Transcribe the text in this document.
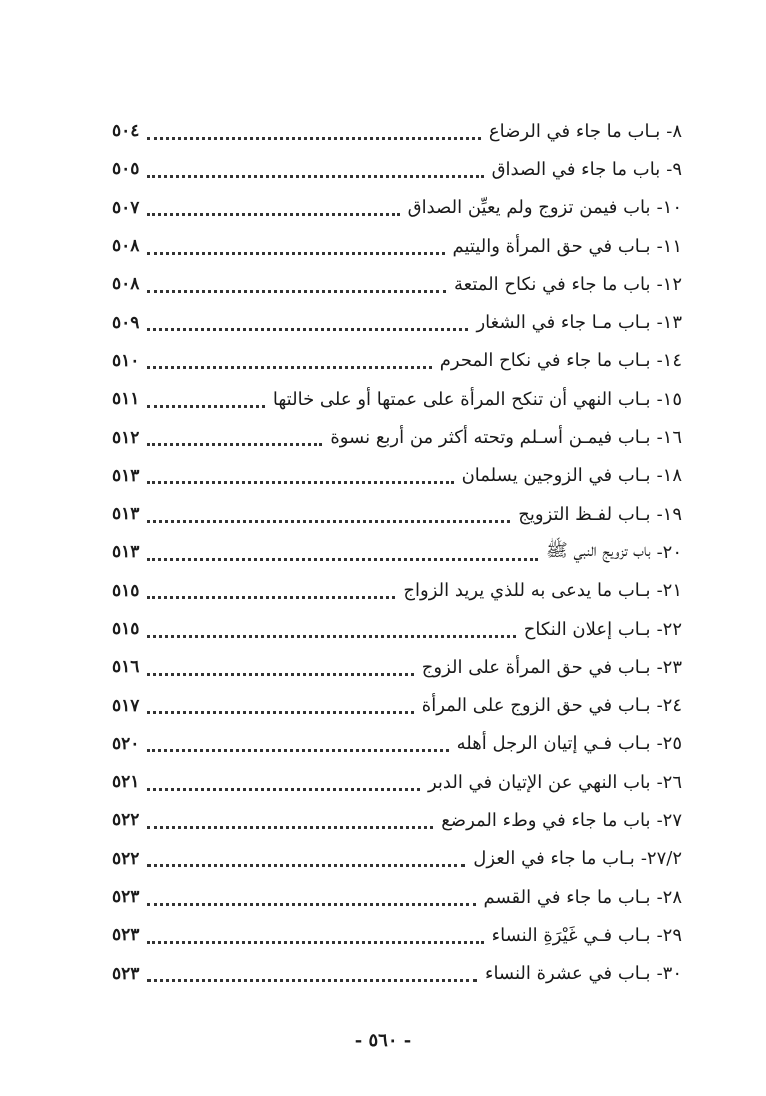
٨-
بـاب ما جاء في الرضاع
٥٠٤
٩-
باب ما جاء في الصداق
٥٠٥
١٠-
باب فيمن تزوج ولم يعيِّن الصداق
٥٠٧
١١-
بـاب في حق المرأة واليتيم
٥٠٨
١٢-
باب ما جاء في نكاح المتعة
٥٠٨
١٣-
بـاب مـا جاء في الشغار
٥٠٩
١٤-
بـاب ما جاء في نكاح المحرم
٥١٠
١٥-
بـاب النهي أن تنكح المرأة على عمتها أو على خالتها
٥١١
١٦-
بـاب فيمـن أسـلم وتحته أكثر من أربع نسوة
٥١٢
١٨-
بـاب في الزوجين يسلمان
٥١٣
١٩-
بـاب لفـظ التزويج
٥١٣
٢٠-
باب تزويج النبي ﷺ
٥١٣
٢١-
بـاب ما يدعى به للذي يريد الزواج
٥١٥
٢٢-
بـاب إعلان النكاح
٥١٥
٢٣-
بـاب في حق المرأة على الزوج
٥١٦
٢٤-
بـاب في حق الزوج على المرأة
٥١٧
٢٥-
بـاب فـي إتيان الرجل أهله
٥٢٠
٢٦-
باب النهي عن الإتيان في الدبر
٥٢١
٢٧-
باب ما جاء في وطء المرضع
٥٢٢
٢٧/٢-
بـاب ما جاء في العزل
٥٢٢
٢٨-
بـاب ما جاء في القسم
٥٢٣
٢٩-
بـاب فـي غَيْرَةِ النساء
٥٢٣
٣٠-
بـاب في عشرة النساء
٥٢٣
- ٥٦٠ -
